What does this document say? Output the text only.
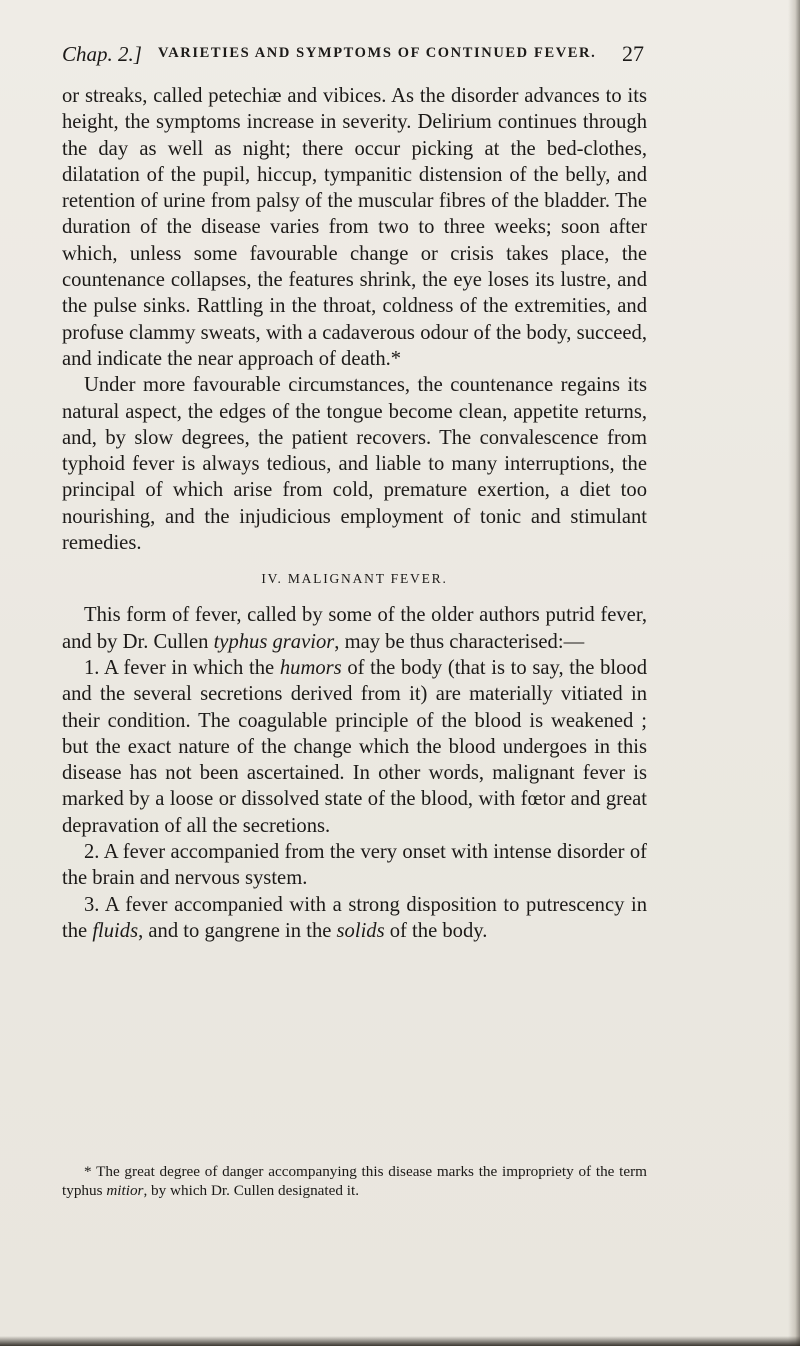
Chap. 2.] VARIETIES AND SYMPTOMS OF CONTINUED FEVER. 27

or streaks, called petechiæ and vibices. As the disorder advances to its height, the symptoms increase in severity. Delirium continues through the day as well as night; there occur picking at the bed-clothes, dilatation of the pupil, hiccup, tympanitic distension of the belly, and retention of urine from palsy of the muscular fibres of the bladder. The duration of the disease varies from two to three weeks; soon after which, unless some favourable change or crisis takes place, the countenance collapses, the features shrink, the eye loses its lustre, and the pulse sinks. Rattling in the throat, coldness of the extremities, and profuse clammy sweats, with a cadaverous odour of the body, succeed, and indicate the near approach of death.*

Under more favourable circumstances, the countenance regains its natural aspect, the edges of the tongue become clean, appetite returns, and, by slow degrees, the patient recovers. The convalescence from typhoid fever is always tedious, and liable to many interruptions, the principal of which arise from cold, premature exertion, a diet too nourishing, and the injudicious employment of tonic and stimulant remedies.

IV. MALIGNANT FEVER.

This form of fever, called by some of the older authors putrid fever, and by Dr. Cullen typhus gravior, may be thus characterised:—

1. A fever in which the humors of the body (that is to say, the blood and the several secretions derived from it) are materially vitiated in their condition. The coagulable principle of the blood is weakened ; but the exact nature of the change which the blood undergoes in this disease has not been ascertained. In other words, malignant fever is marked by a loose or dissolved state of the blood, with fœtor and great depravation of all the secretions.

2. A fever accompanied from the very onset with intense disorder of the brain and nervous system.

3. A fever accompanied with a strong disposition to putrescency in the fluids, and to gangrene in the solids of the body.

* The great degree of danger accompanying this disease marks the impropriety of the term typhus mitior, by which Dr. Cullen designated it.
